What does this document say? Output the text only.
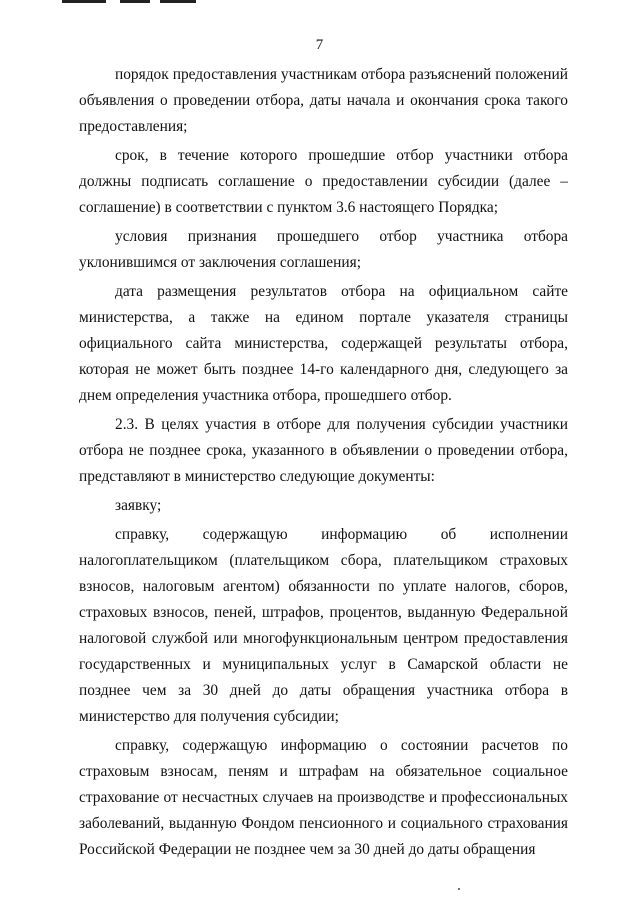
7

порядок предоставления участникам отбора разъяснений положений объявления о проведении отбора, даты начала и окончания срока такого предоставления;

срок, в течение которого прошедшие отбор участники отбора должны подписать соглашение о предоставлении субсидии (далее – соглашение) в соответствии с пунктом 3.6 настоящего Порядка;

условия признания прошедшего отбор участника отбора уклонившимся от заключения соглашения;

дата размещения результатов отбора на официальном сайте министерства, а также на едином портале указателя страницы официального сайта министерства, содержащей результаты отбора, которая не может быть позднее 14-го календарного дня, следующего за днем определения участника отбора, прошедшего отбор.

2.3. В целях участия в отборе для получения субсидии участники отбора не позднее срока, указанного в объявлении о проведении отбора, представляют в министерство следующие документы:

заявку;

справку, содержащую информацию об исполнении налогоплательщиком (плательщиком сбора, плательщиком страховых взносов, налоговым агентом) обязанности по уплате налогов, сборов, страховых взносов, пеней, штрафов, процентов, выданную Федеральной налоговой службой или многофункциональным центром предоставления государственных и муниципальных услуг в Самарской области не позднее чем за 30 дней до даты обращения участника отбора в министерство для получения субсидии;

справку, содержащую информацию о состоянии расчетов по страховым взносам, пеням и штрафам на обязательное социальное страхование от несчастных случаев на производстве и профессиональных заболеваний, выданную Фондом пенсионного и социального страхования Российской Федерации не позднее чем за 30 дней до даты обращения
